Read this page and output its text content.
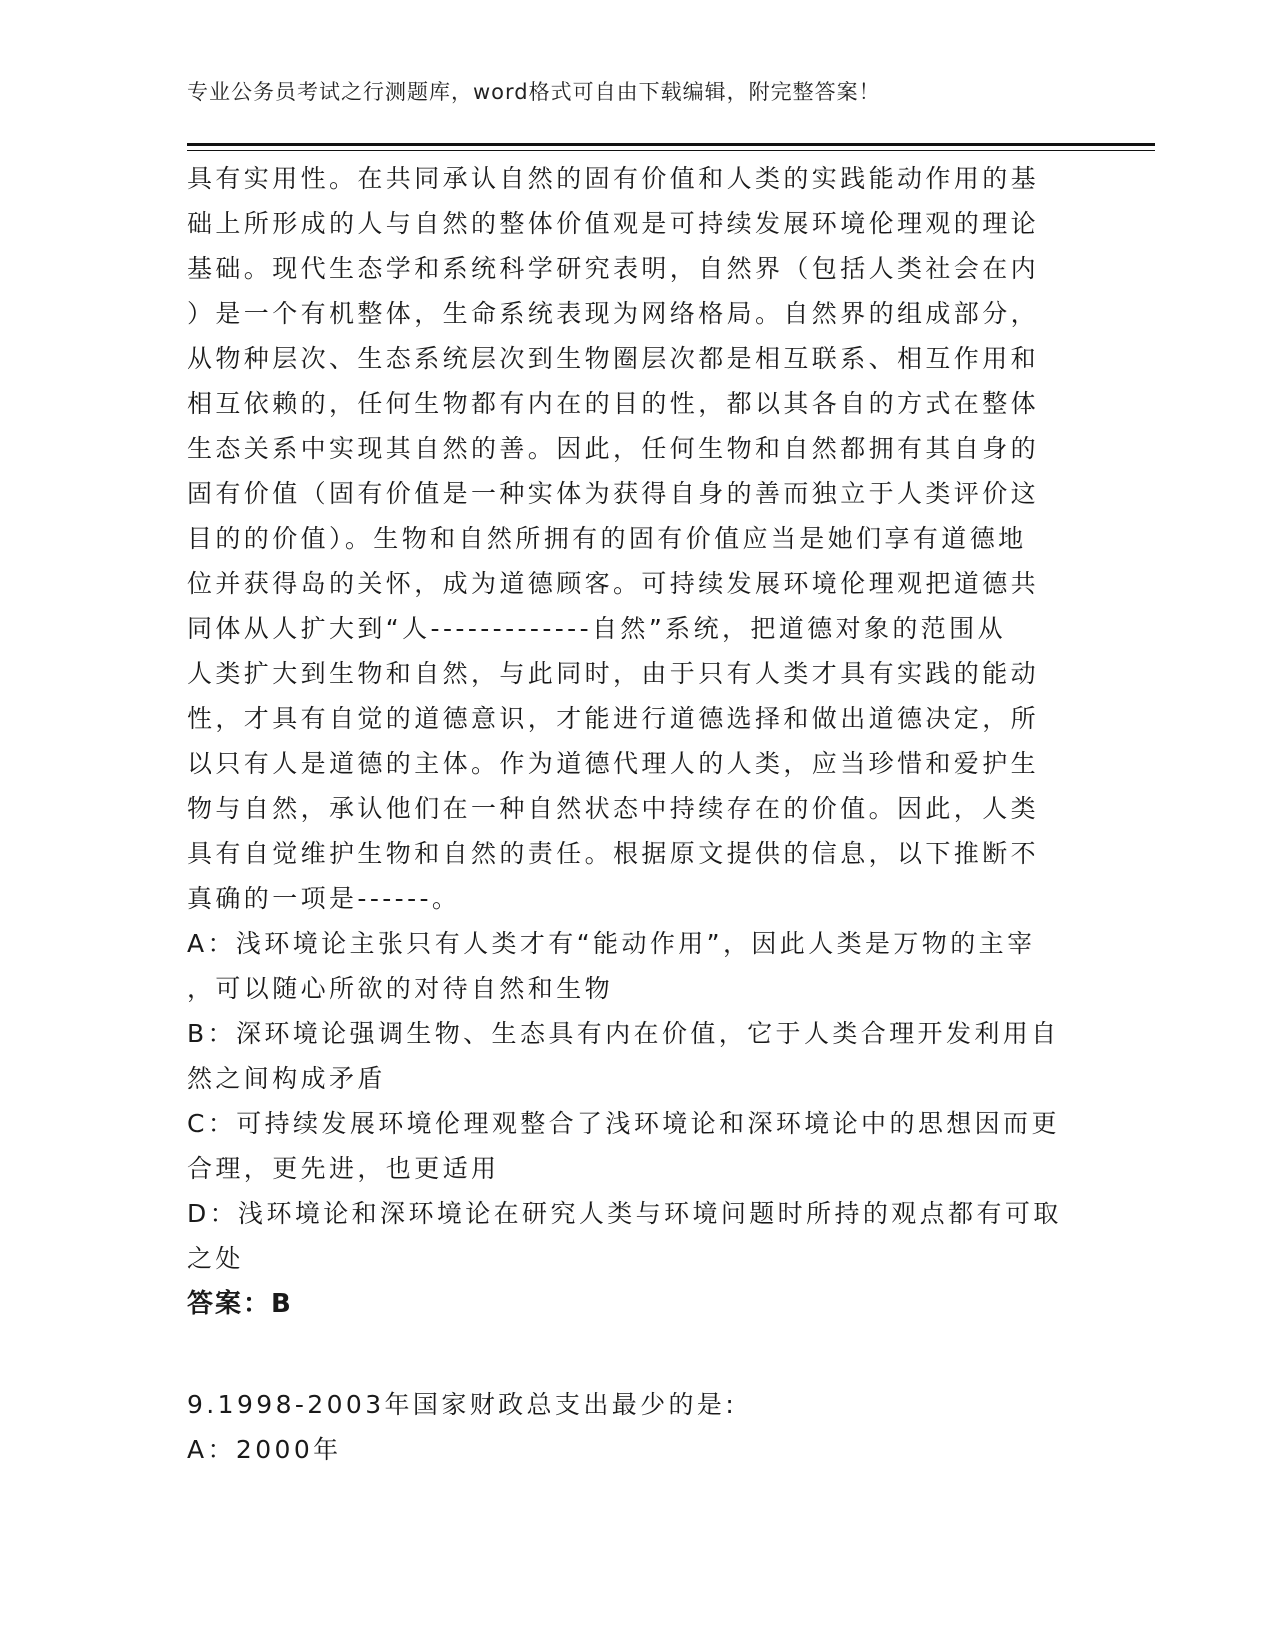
专业公务员考试之行测题库，word格式可自由下载编辑，附完整答案！
具有实用性。在共同承认自然的固有价值和人类的实践能动作用的基
础上所形成的人与自然的整体价值观是可持续发展环境伦理观的理论
基础。现代生态学和系统科学研究表明，自然界（包括人类社会在内
）是一个有机整体，生命系统表现为网络格局。自然界的组成部分，
从物种层次、生态系统层次到生物圈层次都是相互联系、相互作用和
相互依赖的，任何生物都有内在的目的性，都以其各自的方式在整体
生态关系中实现其自然的善。因此，任何生物和自然都拥有其自身的
固有价值（固有价值是一种实体为获得自身的善而独立于人类评价这
目的的价值）。生物和自然所拥有的固有价值应当是她们享有道德地
位并获得岛的关怀，成为道德顾客。可持续发展环境伦理观把道德共
同体从人扩大到“人-------------自然”系统，把道德对象的范围从
人类扩大到生物和自然，与此同时，由于只有人类才具有实践的能动
性，才具有自觉的道德意识，才能进行道德选择和做出道德决定，所
以只有人是道德的主体。作为道德代理人的人类，应当珍惜和爱护生
物与自然，承认他们在一种自然状态中持续存在的价值。因此，人类
具有自觉维护生物和自然的责任。根据原文提供的信息，以下推断不
真确的一项是------。
A：浅环境论主张只有人类才有“能动作用”，因此人类是万物的主宰
，可以随心所欲的对待自然和生物
B：深环境论强调生物、生态具有内在价值，它于人类合理开发利用自
然之间构成矛盾
C：可持续发展环境伦理观整合了浅环境论和深环境论中的思想因而更
合理，更先进，也更适用
D：浅环境论和深环境论在研究人类与环境问题时所持的观点都有可取
之处
答案：B
9.1998-2003年国家财政总支出最少的是:
A：2000年
